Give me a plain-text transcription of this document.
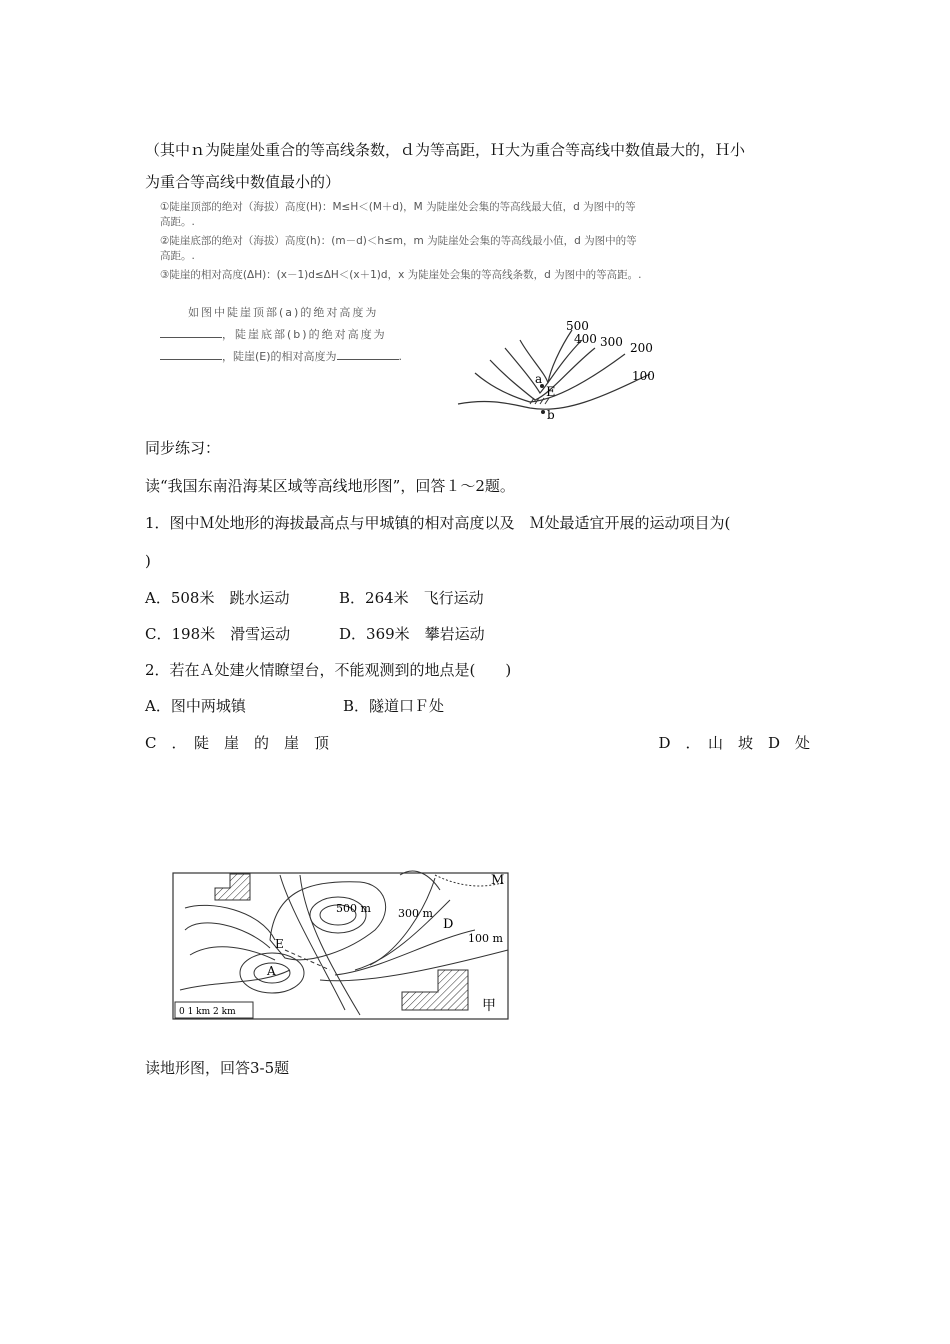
（其中ｎ为陡崖处重合的等高线条数，ｄ为等高距，Ｈ大为重合等高线中数值最大的，Ｈ小
为重合等高线中数值最小的）
①陡崖顶部的绝对（海拔）高度(H)：M≤H＜(M＋d)，M 为陡崖处会集的等高线最大值，d 为图中的等
高距。.
②陡崖底部的绝对（海拔）高度(h)：(m－d)＜h≤m，m 为陡崖处会集的等高线最小值，d 为图中的等
高距。.
③陡崖的相对高度(ΔH)：(x－1)d≤ΔH＜(x＋1)d，x 为陡崖处会集的等高线条数，d 为图中的等高距。.
如图中陡崖顶部(a)的绝对高度为
，陡崖底部(b)的绝对高度为
，陡崖(E)的相对高度为	.
a
E
b
500
400 300 200
100
同步练习：
读“我国东南沿海某区域等高线地形图”，回答１～2题。
1．图中Ｍ处地形的海拔最高点与甲城镇的相对高度以及　Ｍ处最适宜开展的运动项目为(
)
A．508米　跳水运动	B．264米　飞行运动
C．198米　滑雪运动	D．369米　攀岩运动
2．若在Ａ处建火情瞭望台，不能观测到的地点是(　　)
A．图中两城镇	B．隧道口Ｆ处
C　．　陡　崖　的　崖　顶	D　．　山　坡　D　处
M
500 m 300 m
100 m
D
E
A
甲
0 1 km 2 km
读地形图，回答3-5题
